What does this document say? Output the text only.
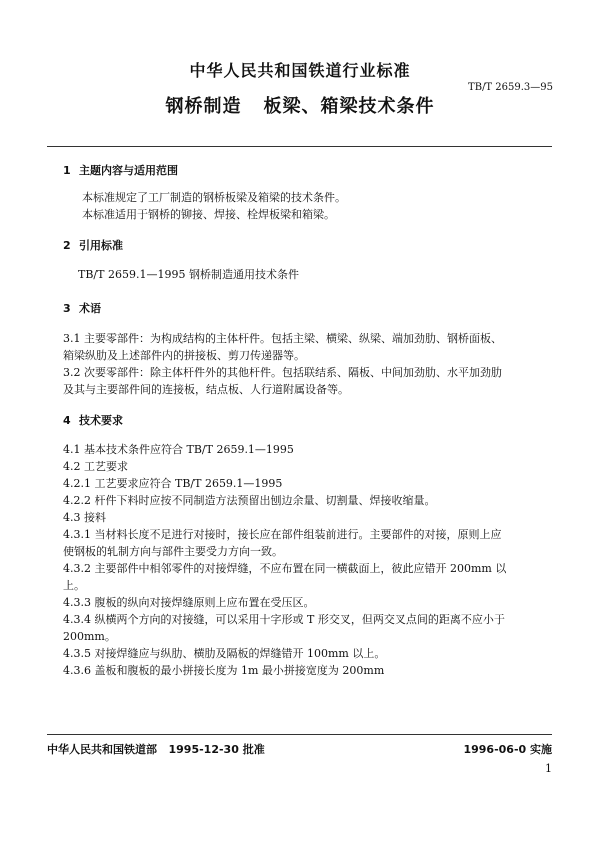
中华人民共和国铁道行业标准
TB/T 2659.3—95
钢桥制造 板梁、箱梁技术条件
1 主题内容与适用范围
本标准规定了工厂制造的钢桥板梁及箱梁的技术条件。
本标准适用于钢桥的铆接、焊接、栓焊板梁和箱梁。
2 引用标准
TB/T 2659.1—1995 钢桥制造通用技术条件
3 术语
3.1 主要零部件：为构成结构的主体杆件。包括主梁、横梁、纵梁、端加劲肋、钢桥面板、
箱梁纵肋及上述部件内的拼接板、剪刀传递器等。
3.2 次要零部件：除主体杆件外的其他杆件。包括联结系、隔板、中间加劲肋、水平加劲肋
及其与主要部件间的连接板，结点板、人行道附属设备等。
4 技术要求
4.1 基本技术条件应符合 TB/T 2659.1—1995
4.2 工艺要求
4.2.1 工艺要求应符合 TB/T 2659.1—1995
4.2.2 杆件下料时应按不同制造方法预留出刨边余量、切割量、焊接收缩量。
4.3 接料
4.3.1 当材料长度不足进行对接时，接长应在部件组装前进行。主要部件的对接，原则上应
使钢板的轧制方向与部件主要受力方向一致。
4.3.2 主要部件中相邻零件的对接焊缝，不应布置在同一横截面上，彼此应错开 200mm 以
上。
4.3.3 腹板的纵向对接焊缝原则上应布置在受压区。
4.3.4 纵横两个方向的对接缝，可以采用十字形或 T 形交叉，但两交叉点间的距离不应小于
200mm。
4.3.5 对接焊缝应与纵肋、横肋及隔板的焊缝错开 100mm 以上。
4.3.6 盖板和腹板的最小拼接长度为 1m 最小拼接宽度为 200mm
中华人民共和国铁道部 1995-12-30 批准	1996-06-0 实施
1
